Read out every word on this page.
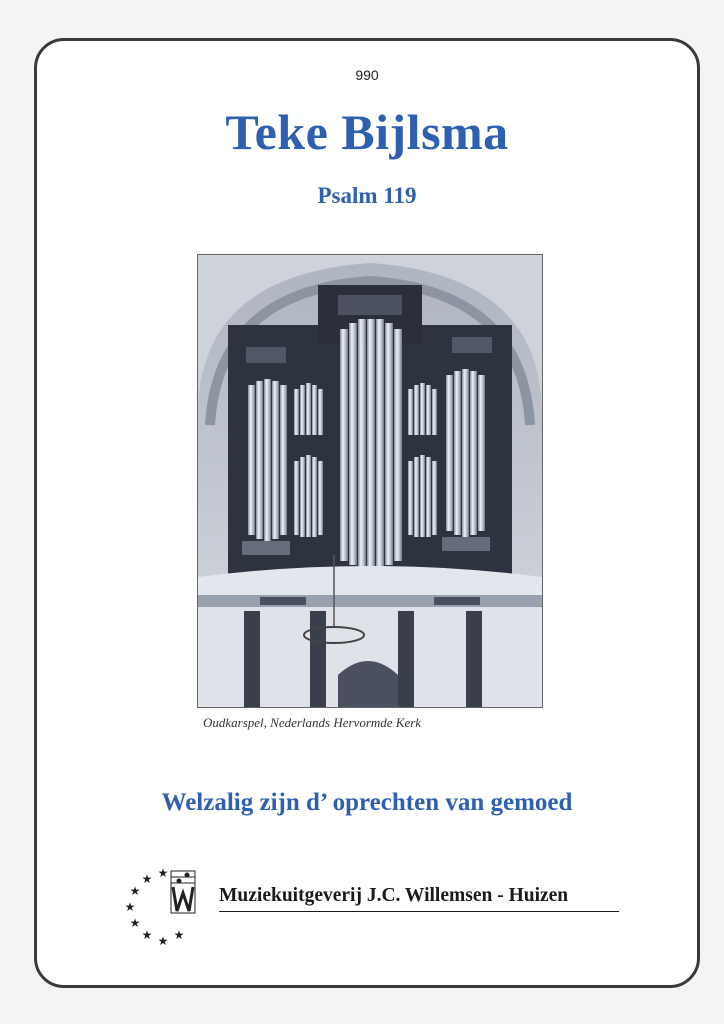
990
Teke Bijlsma
Psalm 119
Oudkarspel, Nederlands Hervormde Kerk
Welzalig zijn d’ oprechten van gemoed
★
★
★
★
★
★ ★ ★
Muziekuitgeverij J.C. Willemsen - Huizen
